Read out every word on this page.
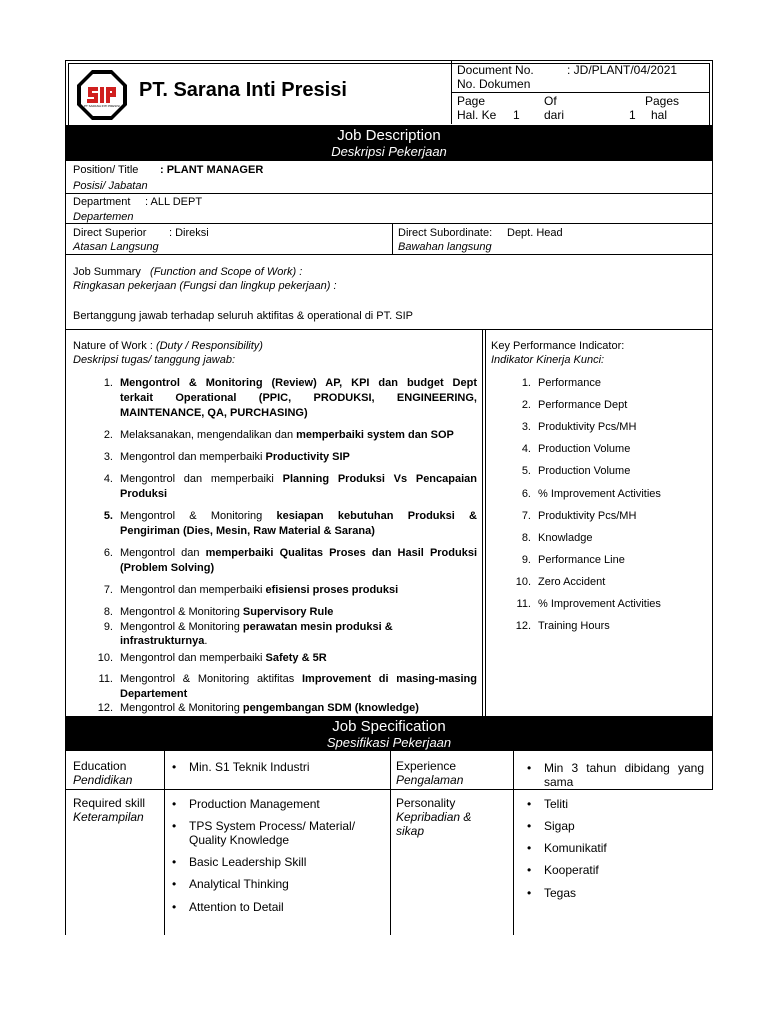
PT SARANA INTI PRESISI
PT. Sarana Inti Presisi
Document No.
No. Dokumen
: JD/PLANT/04/2021
Page
Hal. Ke 1
Of
dari	1
Pages
hal
Job Description
Deskripsi Pekerjaan
Position/ Title : PLANT MANAGER
Posisi/ Jabatan
Department : ALL DEPT
Departemen
Direct Superior : Direksi
Atasan Langsung
Direct Subordinate: Dept. Head
Bawahan langsung
Job Summary (Function and Scope of Work) :
Ringkasan pekerjaan (Fungsi dan lingkup pekerjaan) :
Bertanggung jawab terhadap seluruh aktifitas & operational di PT. SIP
Nature of Work : (Duty / Responsibility)
Deskripsi tugas/ tanggung jawab:
1. Mengontrol & Monitoring (Review) AP, KPI dan budget Dept
terkait Operational (PPIC, PRODUKSI, ENGINEERING,
MAINTENANCE, QA, PURCHASING)
2. Melaksanakan, mengendalikan dan memperbaiki system dan SOP
3. Mengontrol dan memperbaiki Productivity SIP
4. Mengontrol dan memperbaiki Planning Produksi Vs Pencapaian
Produksi
5. Mengontrol & Monitoring kesiapan kebutuhan Produksi &
Pengiriman (Dies, Mesin, Raw Material & Sarana)
6. Mengontrol dan memperbaiki Qualitas Proses dan Hasil Produksi
(Problem Solving)
7. Mengontrol dan memperbaiki efisiensi proses produksi
8. Mengontrol & Monitoring Supervisory Rule
9. Mengontrol & Monitoring perawatan mesin produksi &
infrastrukturnya.
10. Mengontrol dan memperbaiki Safety & 5R
11. Mengontrol & Monitoring aktifitas Improvement di masing-masing
Departement
12. Mengontrol & Monitoring pengembangan SDM (knowledge)
Key Performance Indicator:
Indikator Kinerja Kunci:
1. Performance
2. Performance Dept
3. Produktivity Pcs/MH
4. Production Volume
5. Production Volume
6. % Improvement Activities
7. Produktivity Pcs/MH
8. Knowladge
9. Performance Line
10. Zero Accident
11. % Improvement Activities
12. Training Hours
Job Specification
Spesifikasi Pekerjaan
Education
Pendidikan
• Min. S1 Teknik Industri	Experience
Pengalaman
• Min 3 tahun dibidang yang
sama
Required skill
Keterampilan
• Production Management
• TPS System Process/ Material/
Quality Knowledge
• Basic Leadership Skill
• Analytical Thinking
• Attention to Detail
Personality
Kepribadian &
sikap
• Teliti
• Sigap
• Komunikatif
• Kooperatif
• Tegas
